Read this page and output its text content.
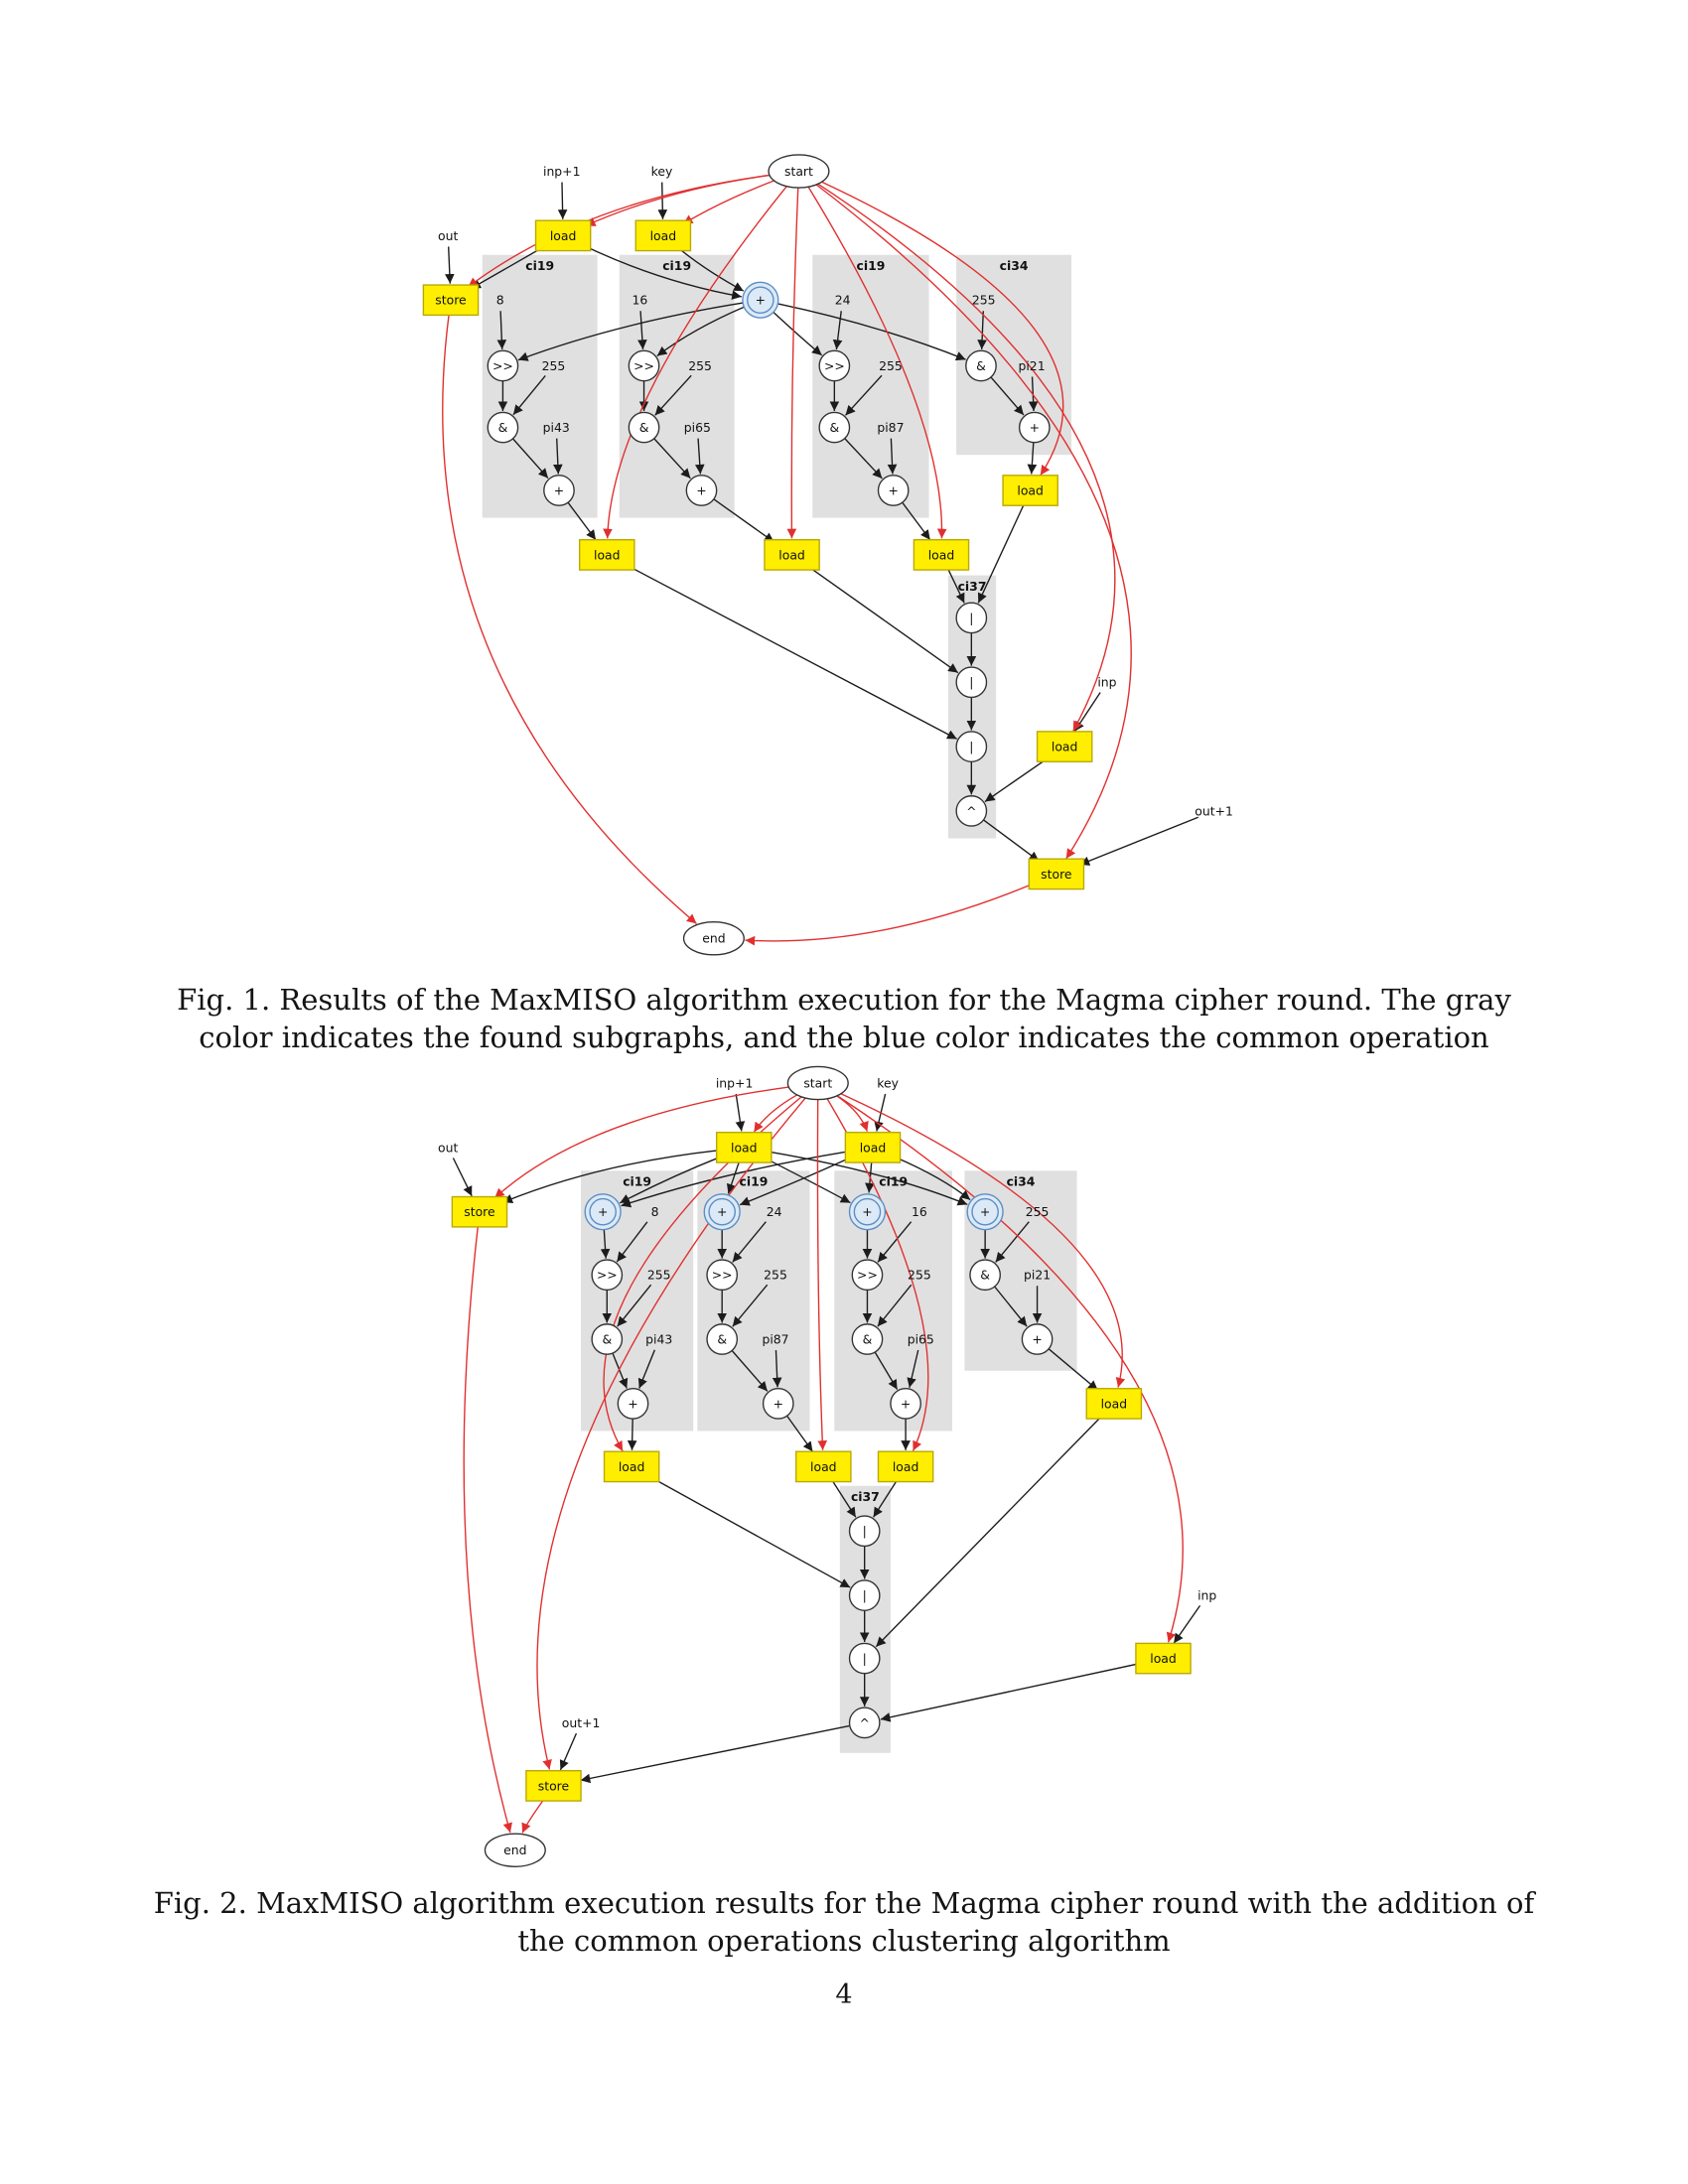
ci19	ci19	ci19	ci34
ci37
start
end
load	load
store
load
load	load	load
load
store
+
>>
&
+
>>
&
+
>>
&
+
&
+
|
|
|
^
inp+1	key
out
8	16	24
255	255	255
255
pi43	pi65	pi87
pi21
inp
out+1
Fig. 1. Results of the MaxMISO algorithm execution for the Magma cipher round. The gray
color indicates the found subgraphs, and the blue color indicates the common operation
ci19	ci19	ci19	ci34
ci37
start
end
load	load
store
load	load	load
load
load
store
+	+	+	+
>>
&
+
>>
&
+
>>
&
+
&
+
|
|
|
^
inp+1	key
out
8	24	16	255
255	255	255	pi21
pi43	pi87	pi65
inp
out+1
Fig. 2. MaxMISO algorithm execution results for the Magma cipher round with the addition of
the common operations clustering algorithm
4
